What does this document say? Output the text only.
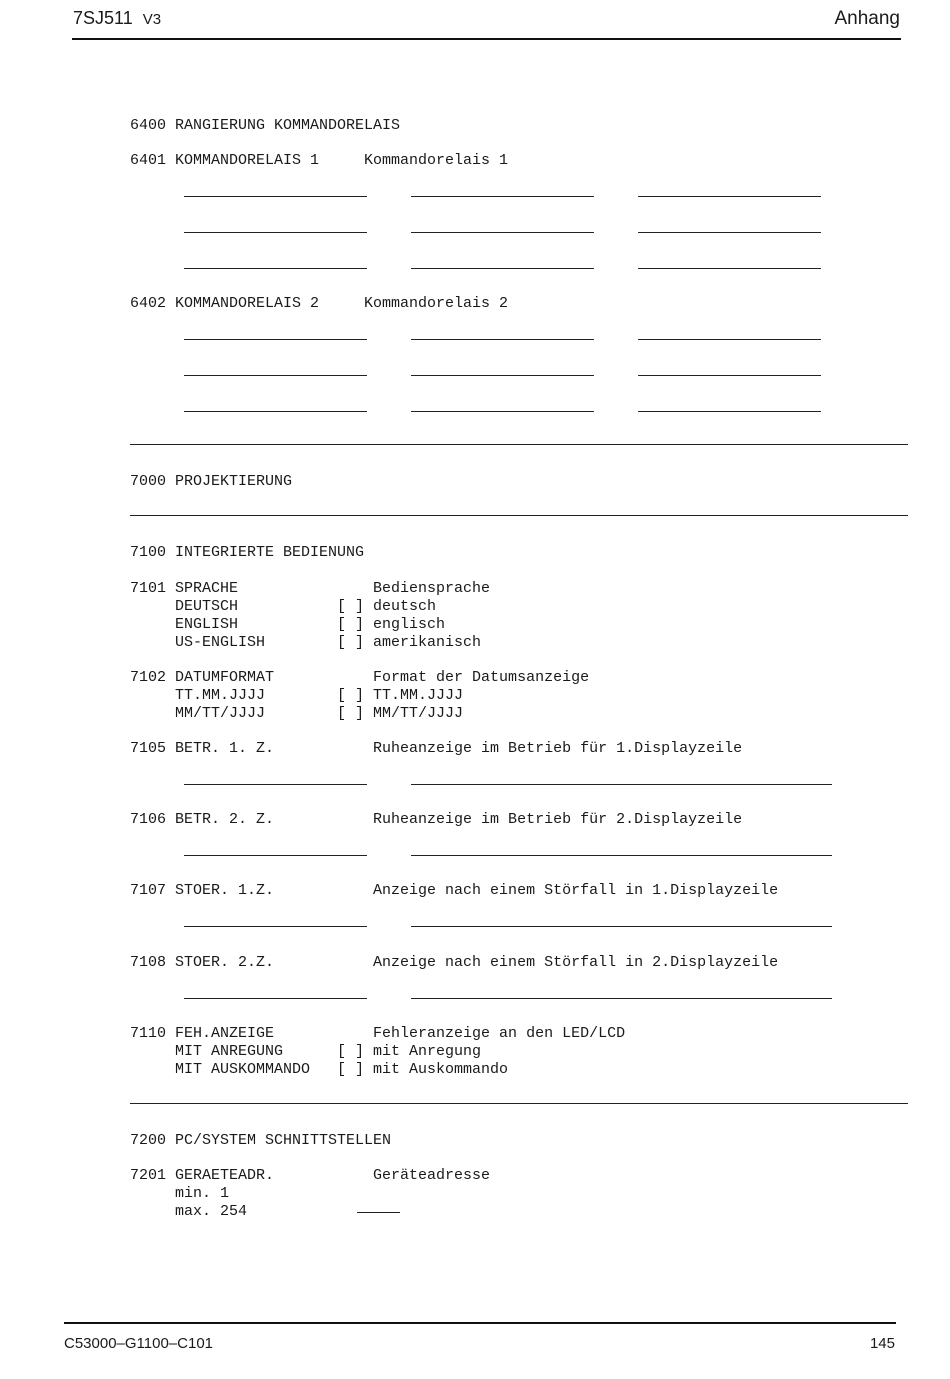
7SJ511 V3	Anhang
6400 RANGIERUNG KOMMANDORELAIS
6401 KOMMANDORELAIS 1     Kommandorelais 1
6402 KOMMANDORELAIS 2     Kommandorelais 2
7000 PROJEKTIERUNG
7100 INTEGRIERTE BEDIENUNG
7101 SPRACHE               Bediensprache
DEUTSCH           [ ] deutsch
ENGLISH           [ ] englisch
US-ENGLISH        [ ] amerikanisch
7102 DATUMFORMAT           Format der Datumsanzeige
TT.MM.JJJJ        [ ] TT.MM.JJJJ
MM/TT/JJJJ        [ ] MM/TT/JJJJ
7105 BETR. 1. Z.           Ruheanzeige im Betrieb für 1.Displayzeile
7106 BETR. 2. Z.           Ruheanzeige im Betrieb für 2.Displayzeile
7107 STOER. 1.Z.           Anzeige nach einem Störfall in 1.Displayzeile
7108 STOER. 2.Z.           Anzeige nach einem Störfall in 2.Displayzeile
7110 FEH.ANZEIGE           Fehleranzeige an den LED/LCD
MIT ANREGUNG      [ ] mit Anregung
MIT AUSKOMMANDO   [ ] mit Auskommando
7200 PC/SYSTEM SCHNITTSTELLEN
7201 GERAETEADR.           Geräteadresse
min. 1
max. 254
C53000–G1100–C101	145
